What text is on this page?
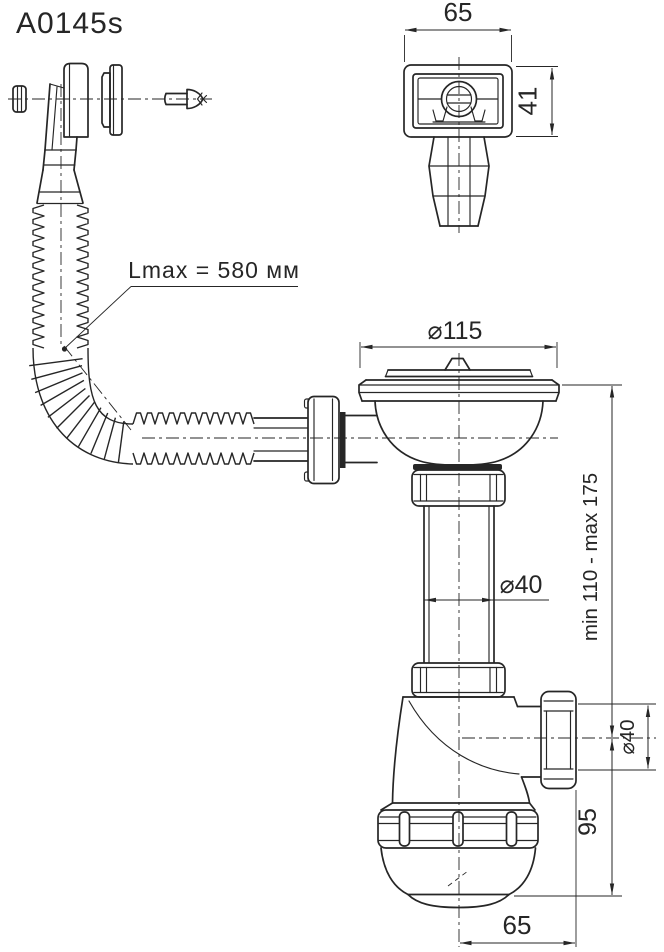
A0145s	65
41
Lmax = 580 мм
⌀115
⌀40 min 110 - max 175
95
⌀40
65
